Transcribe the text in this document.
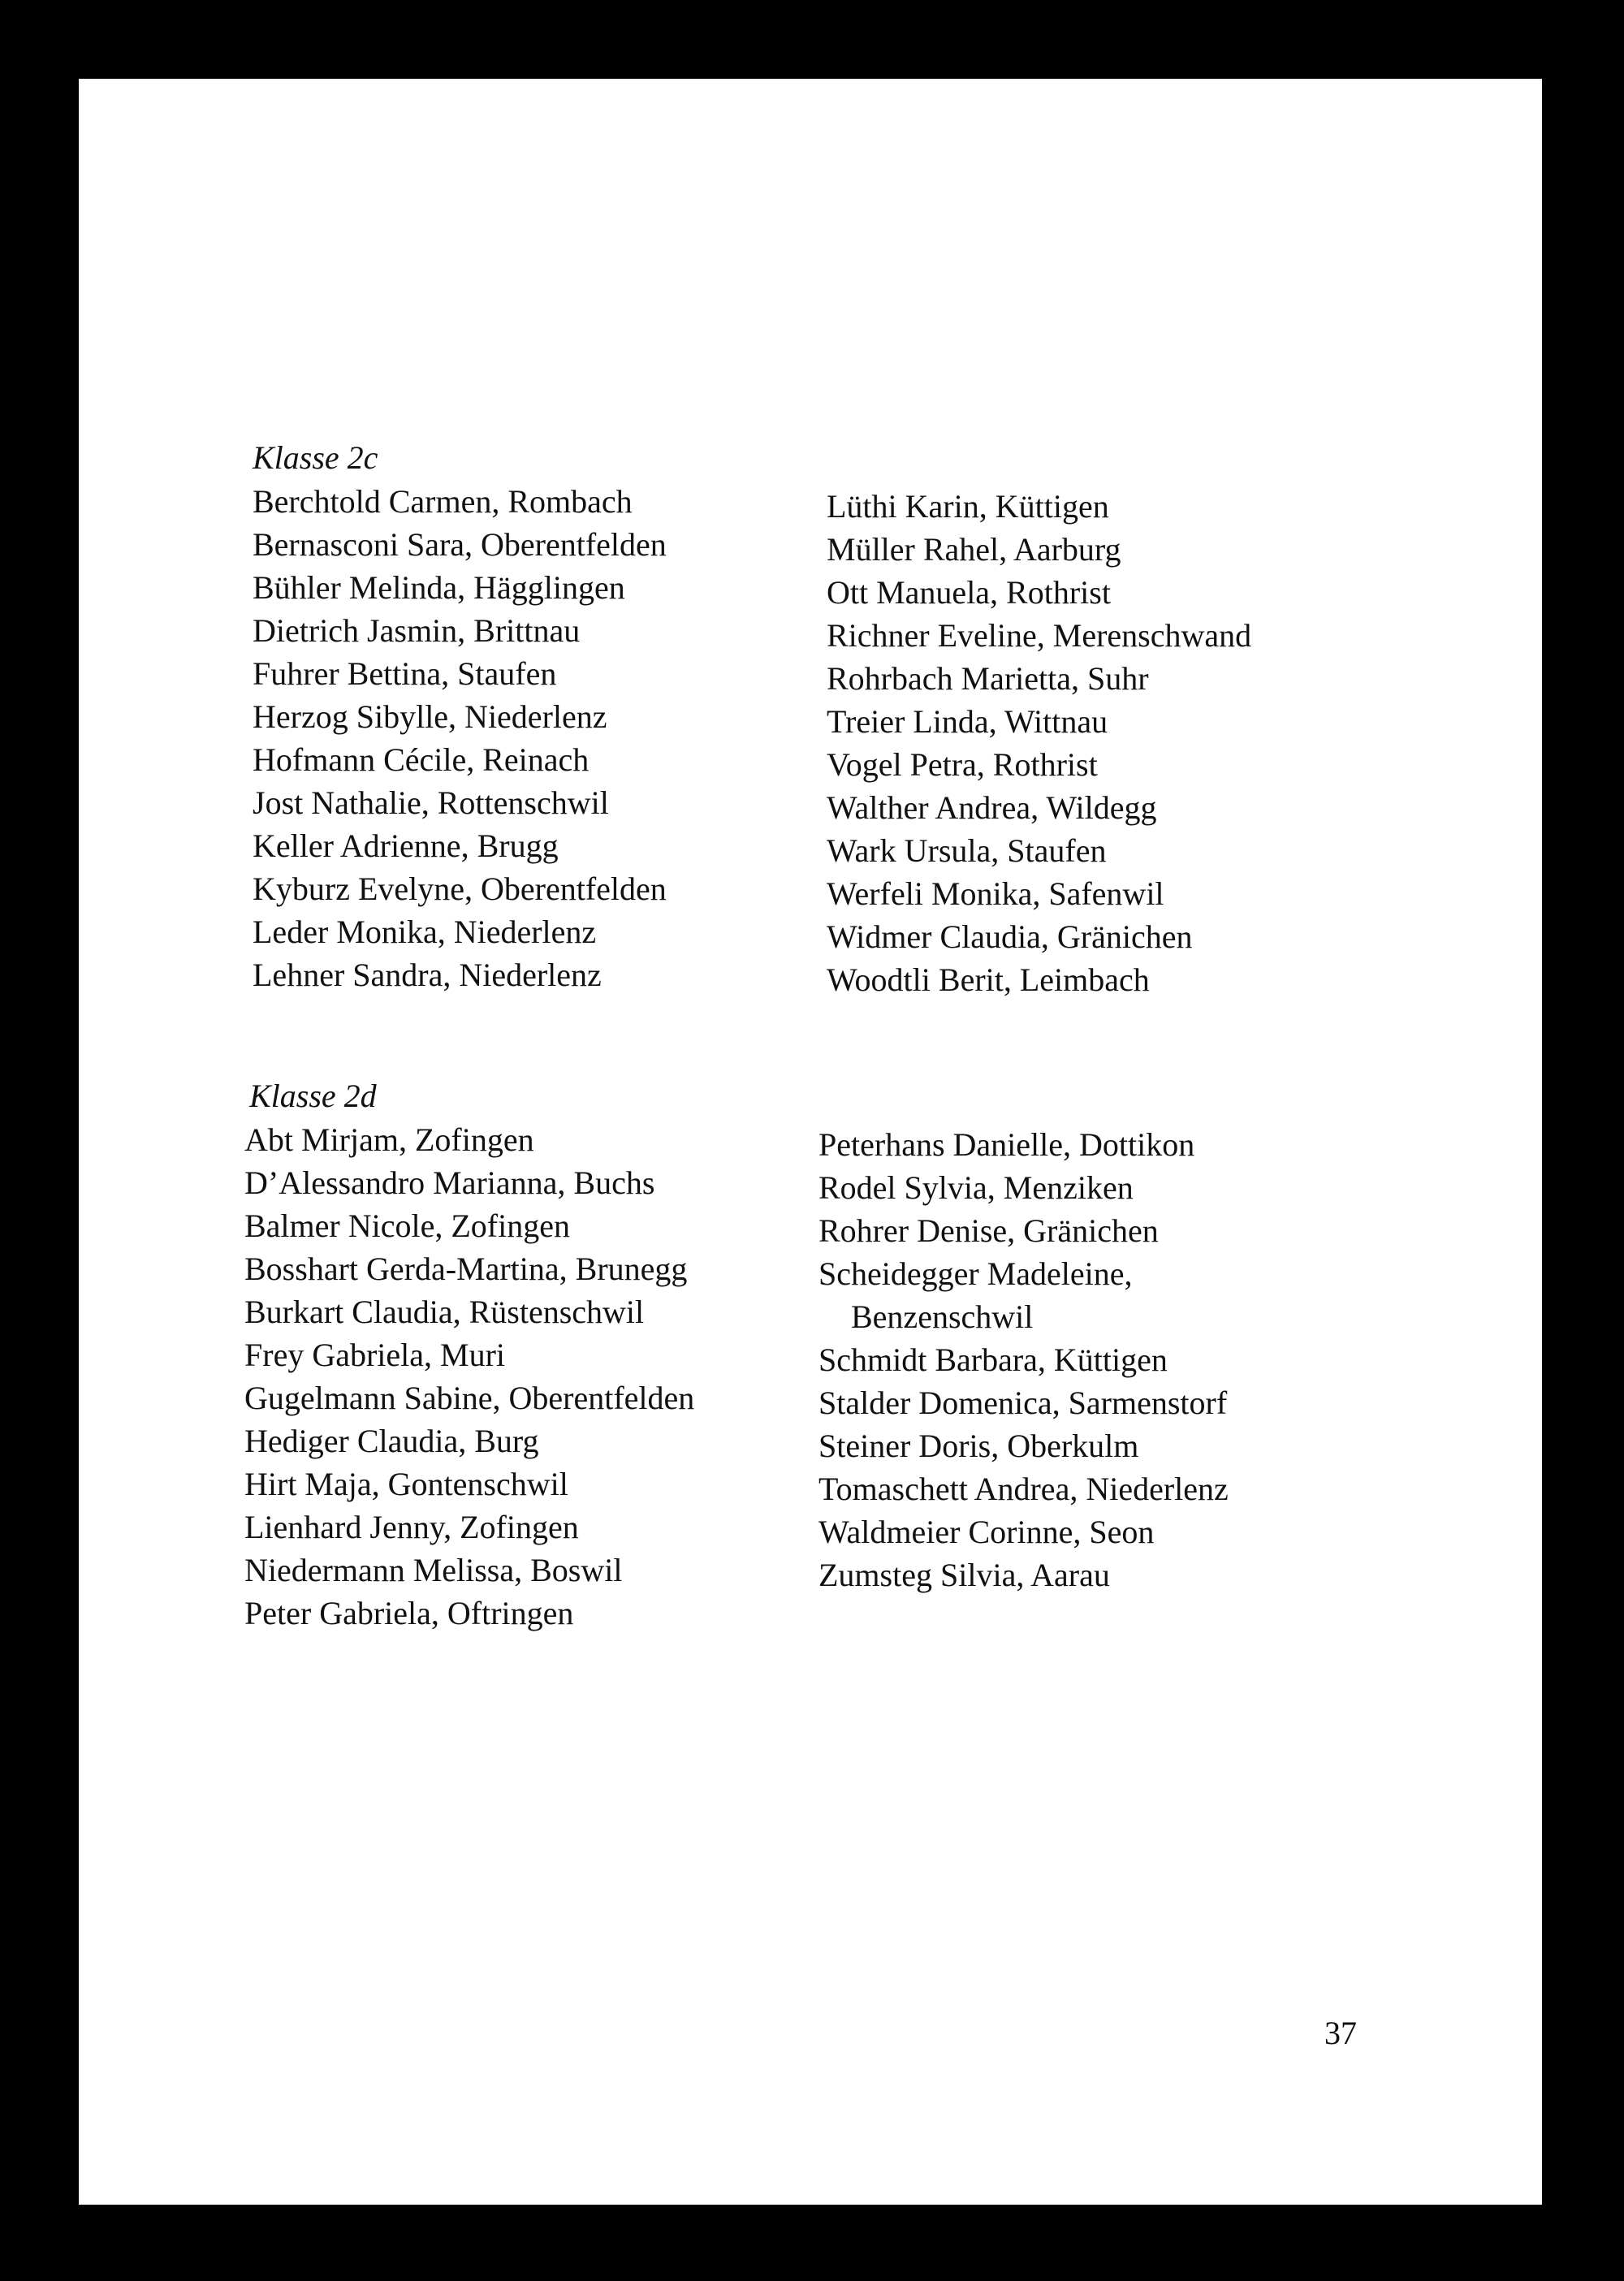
Klasse 2c
Berchtold Carmen, Rombach
Bernasconi Sara, Oberentfelden
Bühler Melinda, Hägglingen
Dietrich Jasmin, Brittnau
Fuhrer Bettina, Staufen
Herzog Sibylle, Niederlenz
Hofmann Cécile, Reinach
Jost Nathalie, Rottenschwil
Keller Adrienne, Brugg
Kyburz Evelyne, Oberentfelden
Leder Monika, Niederlenz
Lehner Sandra, Niederlenz
Lüthi Karin, Küttigen
Müller Rahel, Aarburg
Ott Manuela, Rothrist
Richner Eveline, Merenschwand
Rohrbach Marietta, Suhr
Treier Linda, Wittnau
Vogel Petra, Rothrist
Walther Andrea, Wildegg
Wark Ursula, Staufen
Werfeli Monika, Safenwil
Widmer Claudia, Gränichen
Woodtli Berit, Leimbach
Klasse 2d
Abt Mirjam, Zofingen
D’Alessandro Marianna, Buchs
Balmer Nicole, Zofingen
Bosshart Gerda-Martina, Brunegg
Burkart Claudia, Rüstenschwil
Frey Gabriela, Muri
Gugelmann Sabine, Oberentfelden
Hediger Claudia, Burg
Hirt Maja, Gontenschwil
Lienhard Jenny, Zofingen
Niedermann Melissa, Boswil
Peter Gabriela, Oftringen
Peterhans Danielle, Dottikon
Rodel Sylvia, Menziken
Rohrer Denise, Gränichen
Scheidegger Madeleine,
Benzenschwil
Schmidt Barbara, Küttigen
Stalder Domenica, Sarmenstorf
Steiner Doris, Oberkulm
Tomaschett Andrea, Niederlenz
Waldmeier Corinne, Seon
Zumsteg Silvia, Aarau
37
